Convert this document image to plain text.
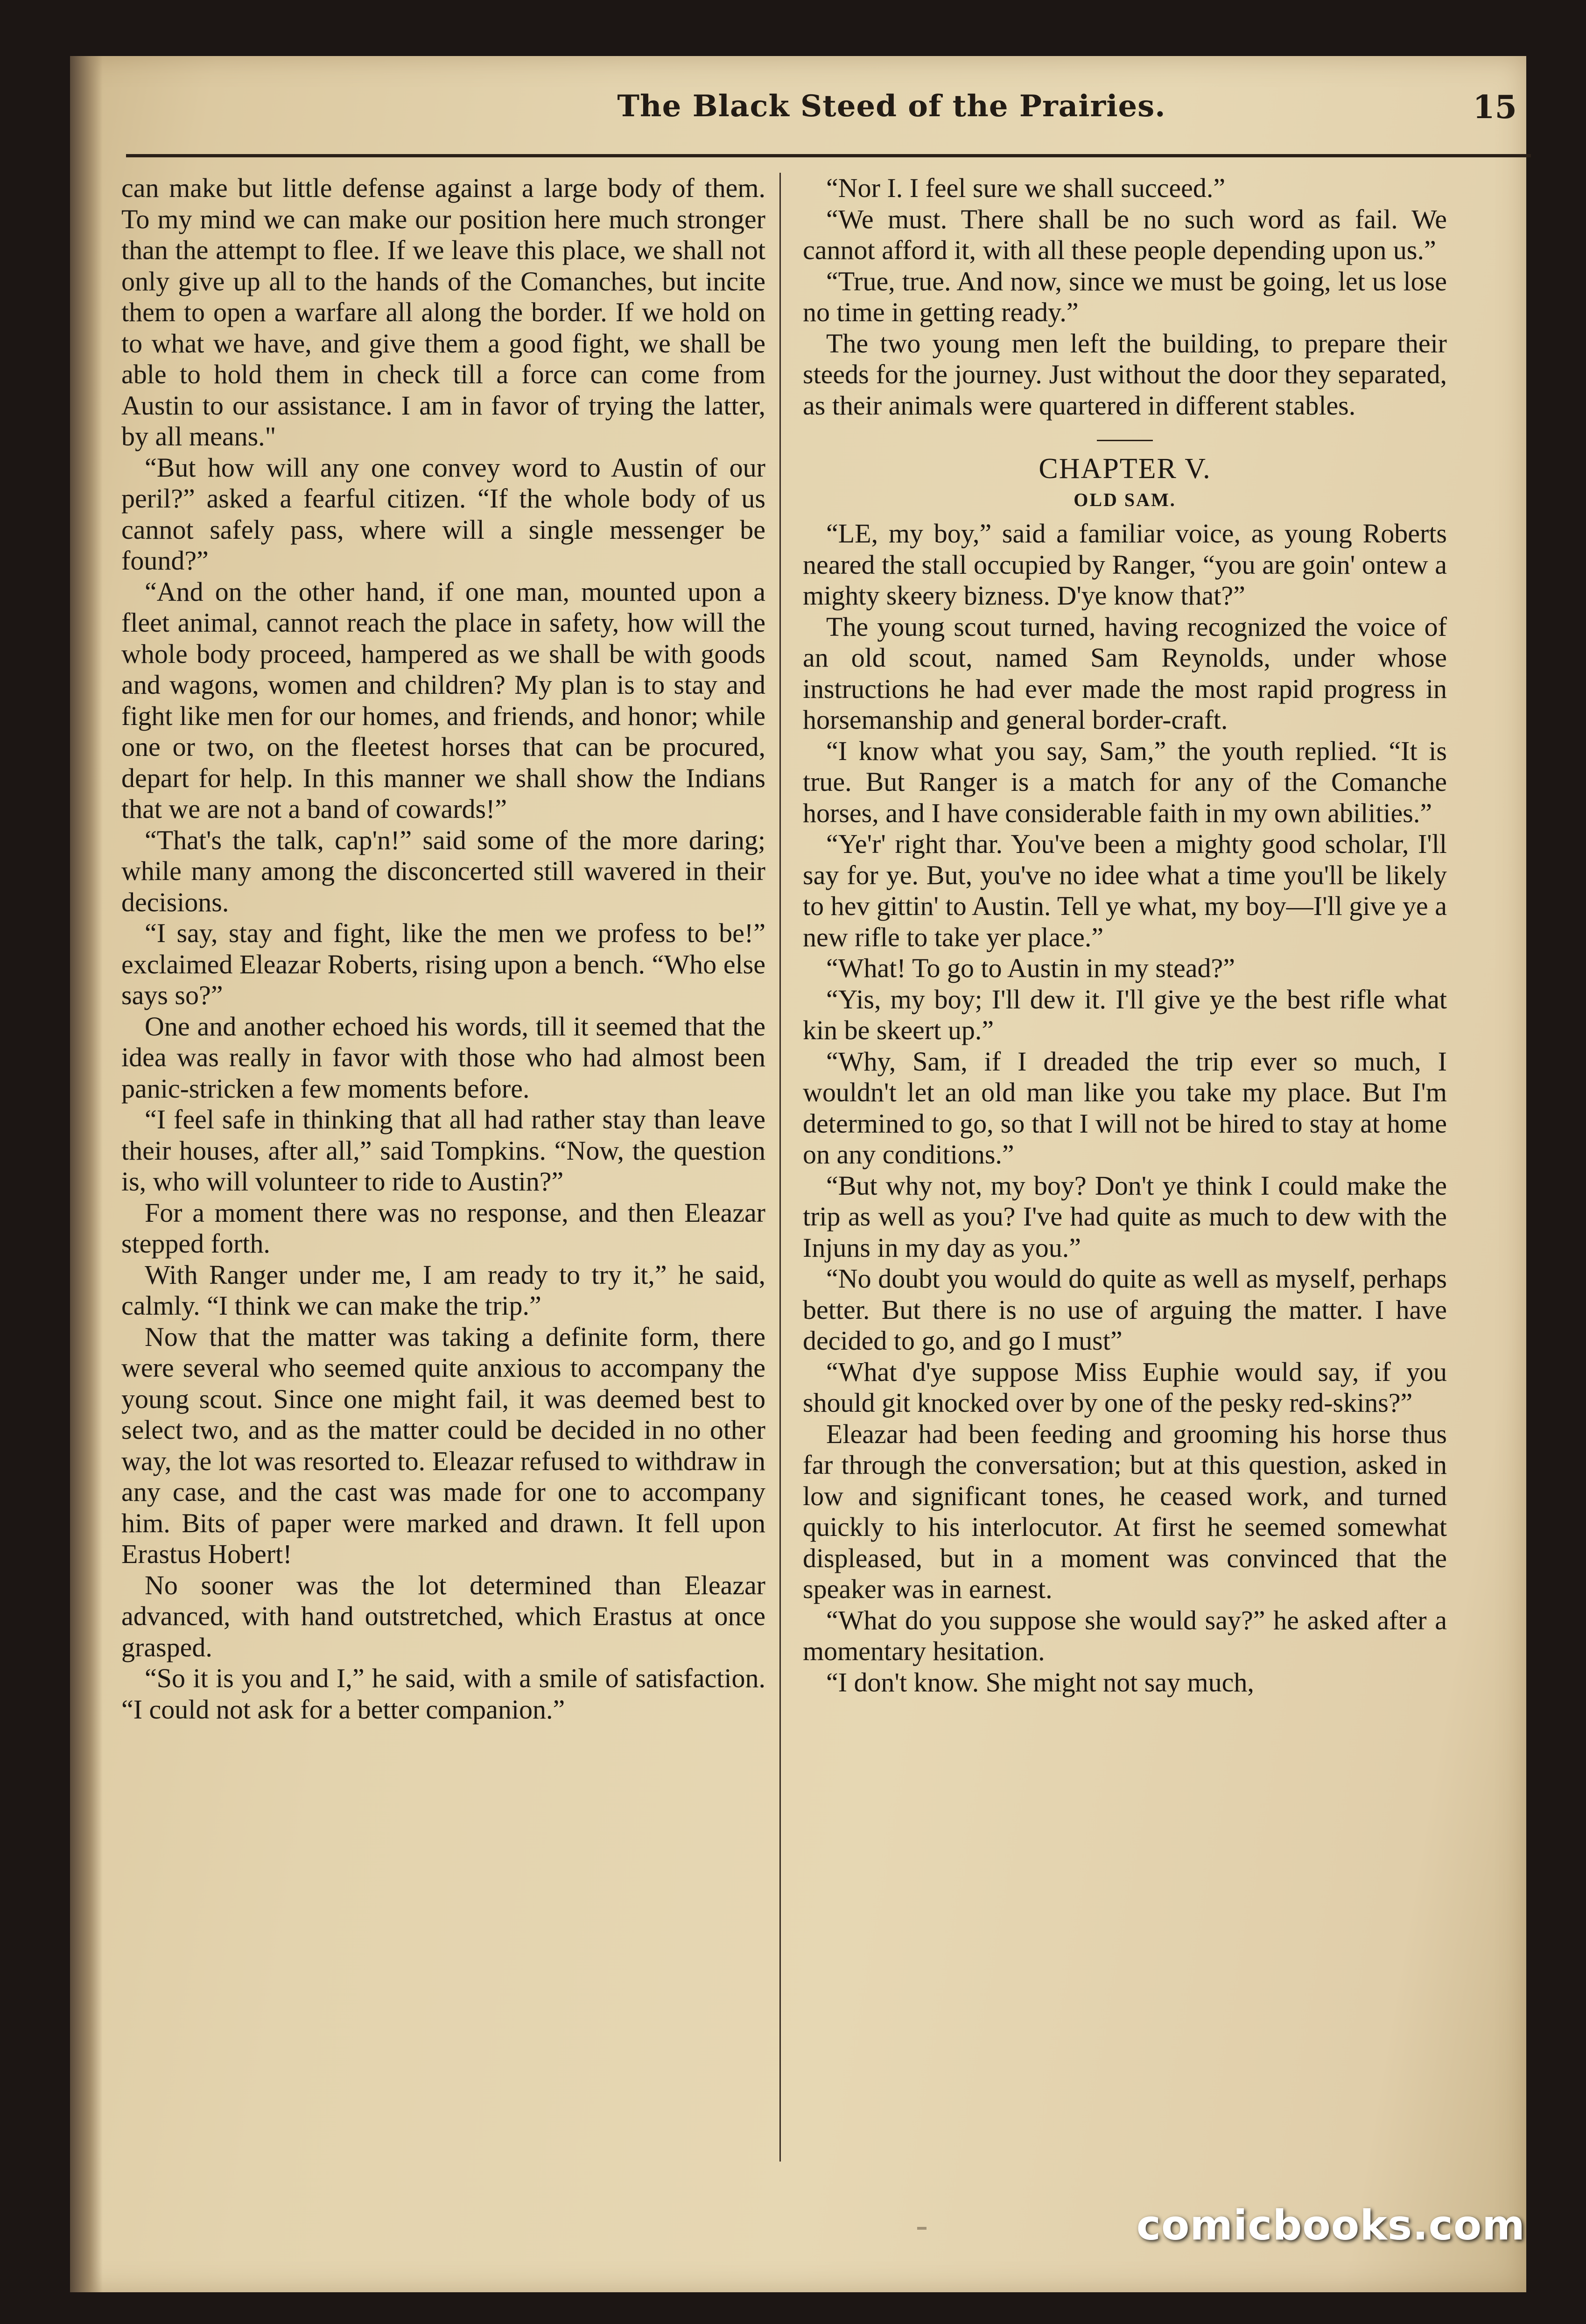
The Black Steed of the Prairies.	15

can make but little defense against a large body of them. To my mind we can make our position here much stronger than the attempt to flee. If we leave this place, we shall not only give up all to the hands of the Comanches, but incite them to open a warfare all along the border. If we hold on to what we have, and give them a good fight, we shall be able to hold them in check till a force can come from Austin to our assistance. I am in favor of trying the latter, by all means."

“But how will any one convey word to Austin of our peril?” asked a fearful citizen. “If the whole body of us cannot safely pass, where will a single messenger be found?”

“And on the other hand, if one man, mounted upon a fleet animal, cannot reach the place in safety, how will the whole body proceed, hampered as we shall be with goods and wagons, women and children? My plan is to stay and fight like men for our homes, and friends, and honor; while one or two, on the fleetest horses that can be procured, depart for help. In this manner we shall show the Indians that we are not a band of cowards!”

“That's the talk, cap'n!” said some of the more daring; while many among the disconcerted still wavered in their decisions.

“I say, stay and fight, like the men we profess to be!” exclaimed Eleazar Roberts, rising upon a bench. “Who else says so?”

One and another echoed his words, till it seemed that the idea was really in favor with those who had almost been panic-stricken a few moments before.

“I feel safe in thinking that all had rather stay than leave their houses, after all,” said Tompkins. “Now, the question is, who will volunteer to ride to Austin?”

For a moment there was no response, and then Eleazar stepped forth.

With Ranger under me, I am ready to try it,” he said, calmly. “I think we can make the trip.”

Now that the matter was taking a definite form, there were several who seemed quite anxious to accompany the young scout. Since one might fail, it was deemed best to select two, and as the matter could be decided in no other way, the lot was resorted to. Eleazar refused to withdraw in any case, and the cast was made for one to accompany him. Bits of paper were marked and drawn. It fell upon Erastus Hobert!

No sooner was the lot determined than Eleazar advanced, with hand outstretched, which Erastus at once grasped.

“So it is you and I,” he said, with a smile of satisfaction. “I could not ask for a better companion.”

“Nor I. I feel sure we shall succeed.”

“We must. There shall be no such word as fail. We cannot afford it, with all these people depending upon us.”

“True, true. And now, since we must be going, let us lose no time in getting ready.”

The two young men left the building, to prepare their steeds for the journey. Just without the door they separated, as their animals were quartered in different stables.

CHAPTER V.
OLD SAM.

“LE, my boy,” said a familiar voice, as young Roberts neared the stall occupied by Ranger, “you are goin' ontew a mighty skeery bizness. D'ye know that?”

The young scout turned, having recognized the voice of an old scout, named Sam Reynolds, under whose instructions he had ever made the most rapid progress in horsemanship and general border-craft.

“I know what you say, Sam,” the youth replied. “It is true. But Ranger is a match for any of the Comanche horses, and I have considerable faith in my own abilities.”

“Ye'r' right thar. You've been a mighty good scholar, I'll say for ye. But, you've no idee what a time you'll be likely to hev gittin' to Austin. Tell ye what, my boy—I'll give ye a new rifle to take yer place.”

“What! To go to Austin in my stead?”

“Yis, my boy; I'll dew it. I'll give ye the best rifle what kin be skeert up.”

“Why, Sam, if I dreaded the trip ever so much, I wouldn't let an old man like you take my place. But I'm determined to go, so that I will not be hired to stay at home on any conditions.”

“But why not, my boy? Don't ye think I could make the trip as well as you? I've had quite as much to dew with the Injuns in my day as you.”

“No doubt you would do quite as well as myself, perhaps better. But there is no use of arguing the matter. I have decided to go, and go I must”

“What d'ye suppose Miss Euphie would say, if you should git knocked over by one of the pesky red-skins?”

Eleazar had been feeding and grooming his horse thus far through the conversation; but at this question, asked in low and significant tones, he ceased work, and turned quickly to his interlocutor. At first he seemed somewhat displeased, but in a moment was convinced that the speaker was in earnest.

“What do you suppose she would say?” he asked after a momentary hesitation.

“I don't know. She might not say much,

comicbooks.com
